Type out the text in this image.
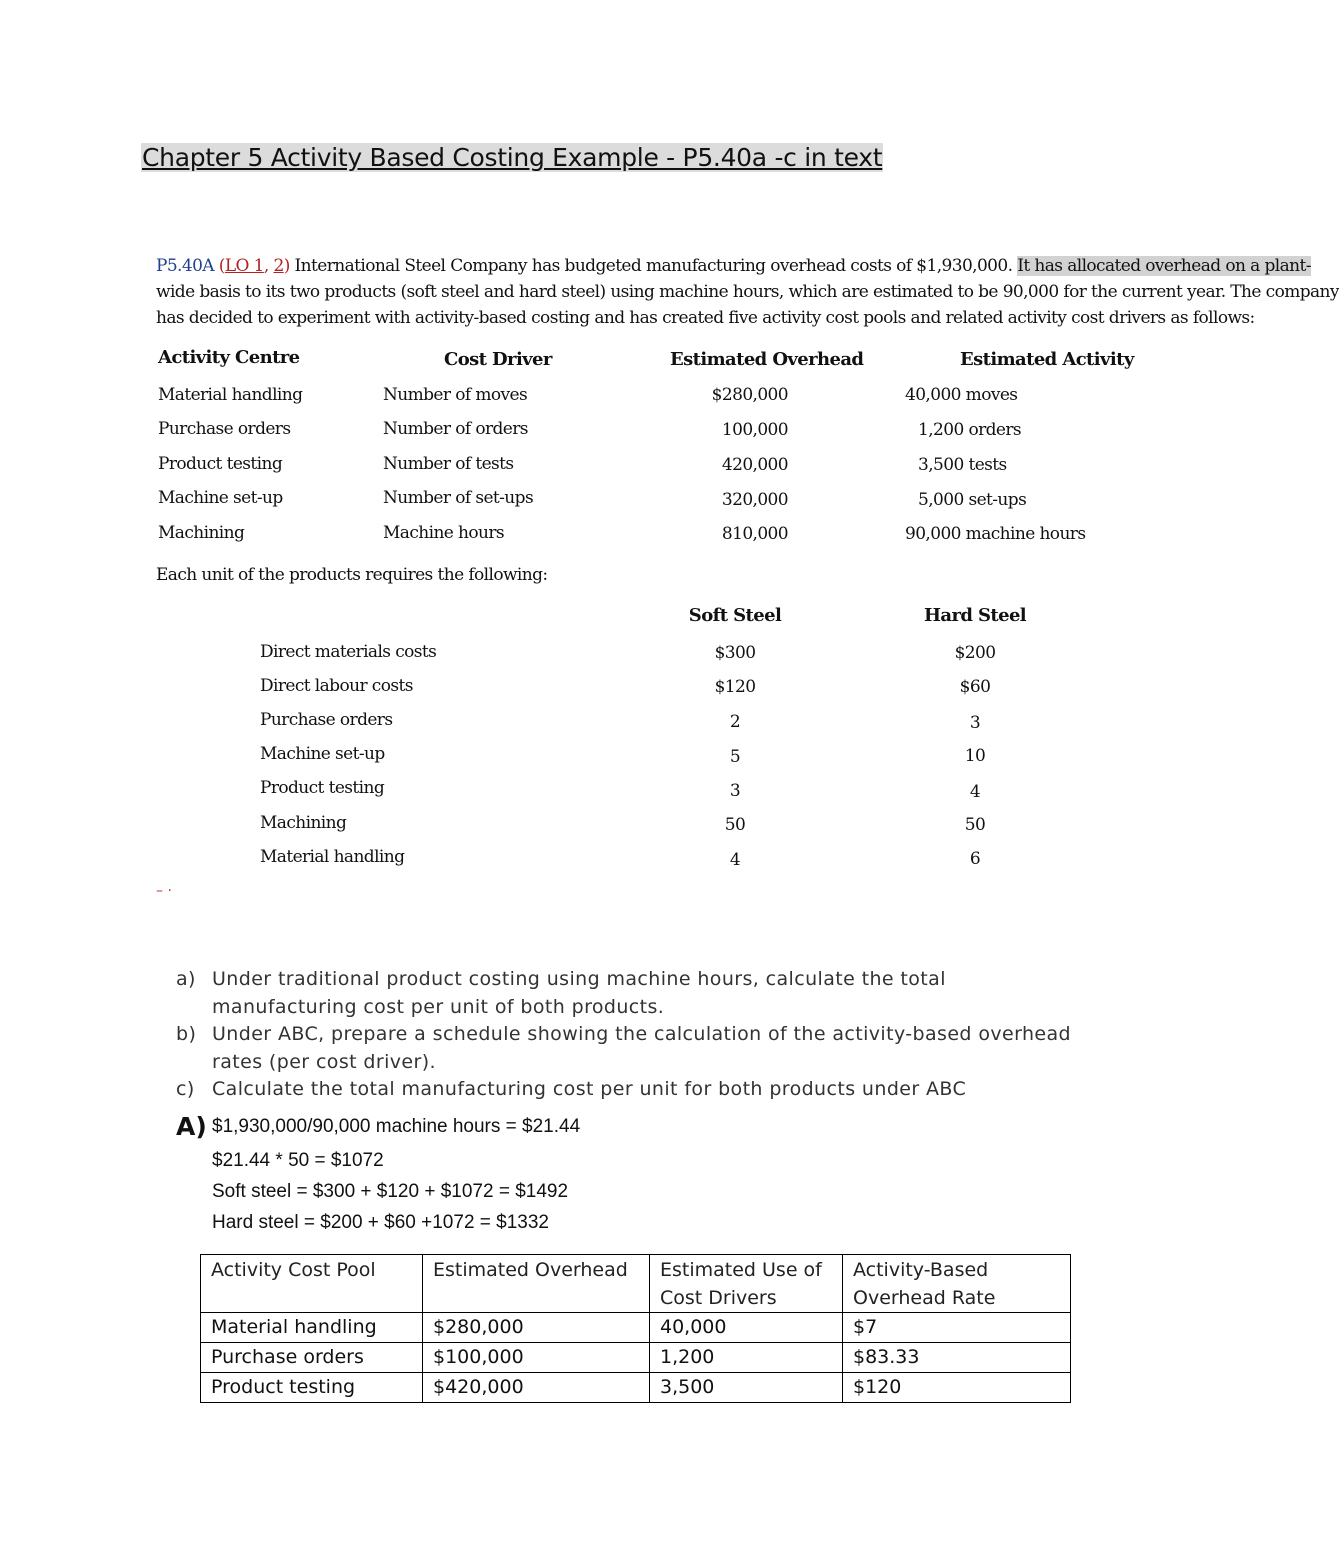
Chapter 5 Activity Based Costing Example - P5.40a -c in text
P5.40A (LO 1, 2) International Steel Company has budgeted manufacturing overhead costs of $1,930,000. It has allocated overhead on a plant-
wide basis to its two products (soft steel and hard steel) using machine hours, which are estimated to be 90,000 for the current year. The company
has decided to experiment with activity-based costing and has created five activity cost pools and related activity cost drivers as follows:
Activity Centre	Cost Driver	Estimated Overhead	Estimated Activity
Material handling	Number of moves	$280,000	40,000 moves
Purchase orders	Number of orders	100,000	1,200 orders
Product testing	Number of tests	420,000	3,500 tests
Machine set-up	Number of set-ups	320,000	5,000 set-ups
Machining	Machine hours	810,000	90,000 machine hours
Each unit of the products requires the following:
Soft Steel	Hard Steel
Direct materials costs	$300	$200
Direct labour costs	$120	$60
Purchase orders	2	3
Machine set-up	5	10
Product testing	3	4
Machining	50	50
Material handling	4	6
– ·
a) Under traditional product costing using machine hours, calculate the total manufacturing cost per unit of both products.
b) Under ABC, prepare a schedule showing the calculation of the activity-based overhead rates (per cost driver).
c) Calculate the total manufacturing cost per unit for both products under ABC
A) $1,930,000/90,000 machine hours = $21.44
$21.44 * 50 = $1072
Soft steel = $300 + $120 + $1072 = $1492
Hard steel = $200 + $60 +1072 = $1332
Activity Cost Pool	Estimated Overhead	Estimated Use of Cost Drivers	Activity-Based Overhead Rate
Material handling	$280,000	40,000	$7
Purchase orders	$100,000	1,200	$83.33
Product testing	$420,000	3,500	$120
